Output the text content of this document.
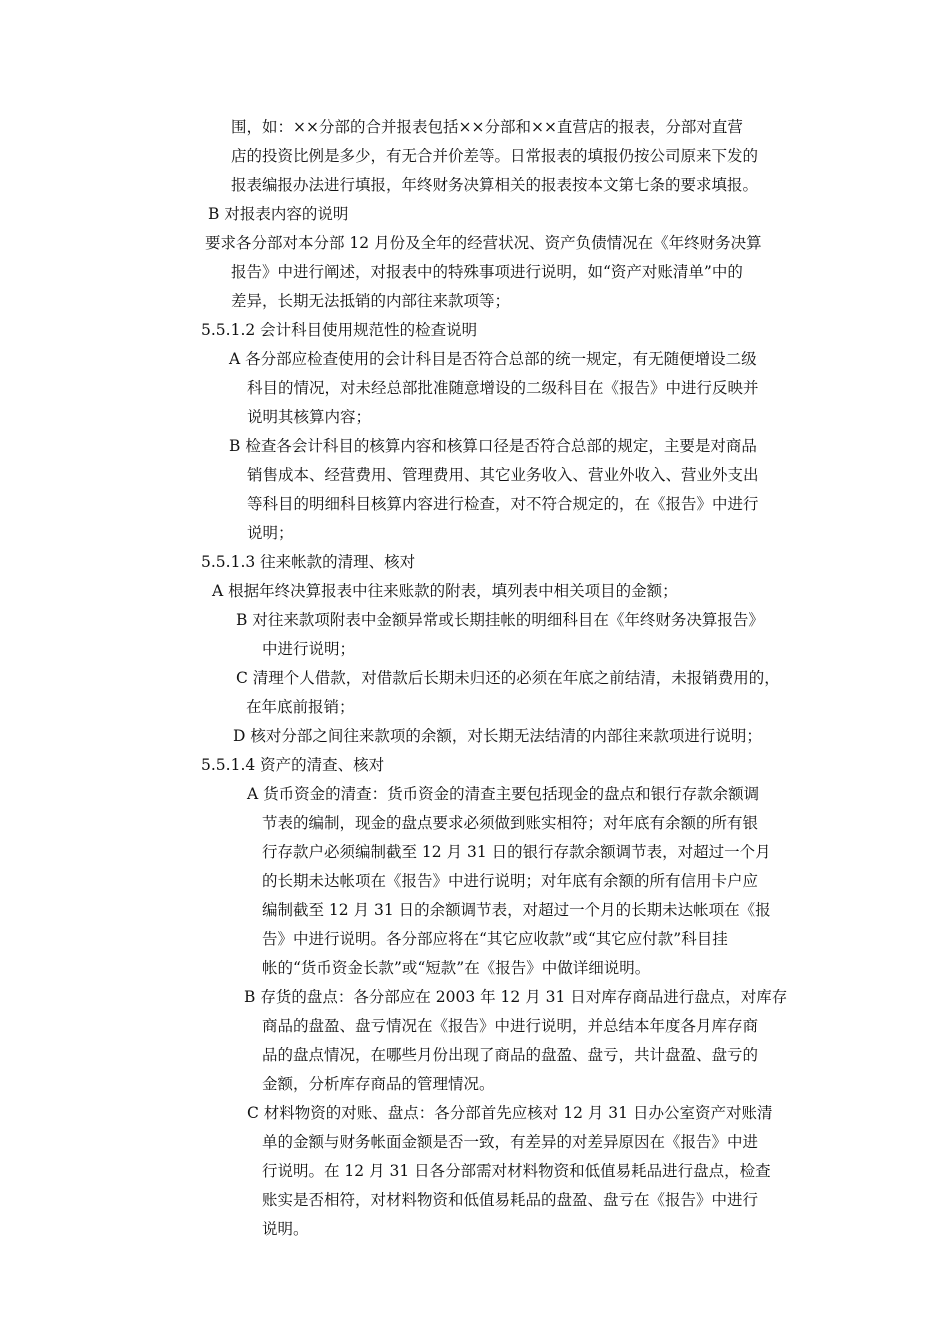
围，如：××分部的合并报表包括××分部和××直营店的报表，分部对直营
店的投资比例是多少，有无合并价差等。日常报表的填报仍按公司原来下发的
报表编报办法进行填报，年终财务决算相关的报表按本文第七条的要求填报。
B 对报表内容的说明
要求各分部对本分部 12 月份及全年的经营状况、资产负债情况在《年终财务决算
报告》中进行阐述，对报表中的特殊事项进行说明，如“资产对账清单”中的
差异，长期无法抵销的内部往来款项等；
5.5.1.2 会计科目使用规范性的检查说明
A 各分部应检查使用的会计科目是否符合总部的统一规定，有无随便增设二级
科目的情况，对未经总部批准随意增设的二级科目在《报告》中进行反映并
说明其核算内容；
B 检查各会计科目的核算内容和核算口径是否符合总部的规定，主要是对商品
销售成本、经营费用、管理费用、其它业务收入、营业外收入、营业外支出
等科目的明细科目核算内容进行检查，对不符合规定的，在《报告》中进行
说明；
5.5.1.3 往来帐款的清理、核对
A 根据年终决算报表中往来账款的附表，填列表中相关项目的金额；
B 对往来款项附表中金额异常或长期挂帐的明细科目在《年终财务决算报告》
中进行说明；
C 清理个人借款，对借款后长期未归还的必须在年底之前结清，未报销费用的，
在年底前报销；
D 核对分部之间往来款项的余额，对长期无法结清的内部往来款项进行说明；
5.5.1.4 资产的清查、核对
A 货币资金的清查：货币资金的清查主要包括现金的盘点和银行存款余额调
节表的编制，现金的盘点要求必须做到账实相符；对年底有余额的所有银
行存款户必须编制截至 12 月 31 日的银行存款余额调节表，对超过一个月
的长期未达帐项在《报告》中进行说明；对年底有余额的所有信用卡户应
编制截至 12 月 31 日的余额调节表，对超过一个月的长期未达帐项在《报
告》中进行说明。各分部应将在“其它应收款”或“其它应付款”科目挂
帐的“货币资金长款”或“短款”在《报告》中做详细说明。
B 存货的盘点：各分部应在 2003 年 12 月 31 日对库存商品进行盘点，对库存
商品的盘盈、盘亏情况在《报告》中进行说明，并总结本年度各月库存商
品的盘点情况，在哪些月份出现了商品的盘盈、盘亏，共计盘盈、盘亏的
金额，分析库存商品的管理情况。
C 材料物资的对账、盘点：各分部首先应核对 12 月 31 日办公室资产对账清
单的金额与财务帐面金额是否一致，有差异的对差异原因在《报告》中进
行说明。在 12 月 31 日各分部需对材料物资和低值易耗品进行盘点，检查
账实是否相符，对材料物资和低值易耗品的盘盈、盘亏在《报告》中进行
说明。
